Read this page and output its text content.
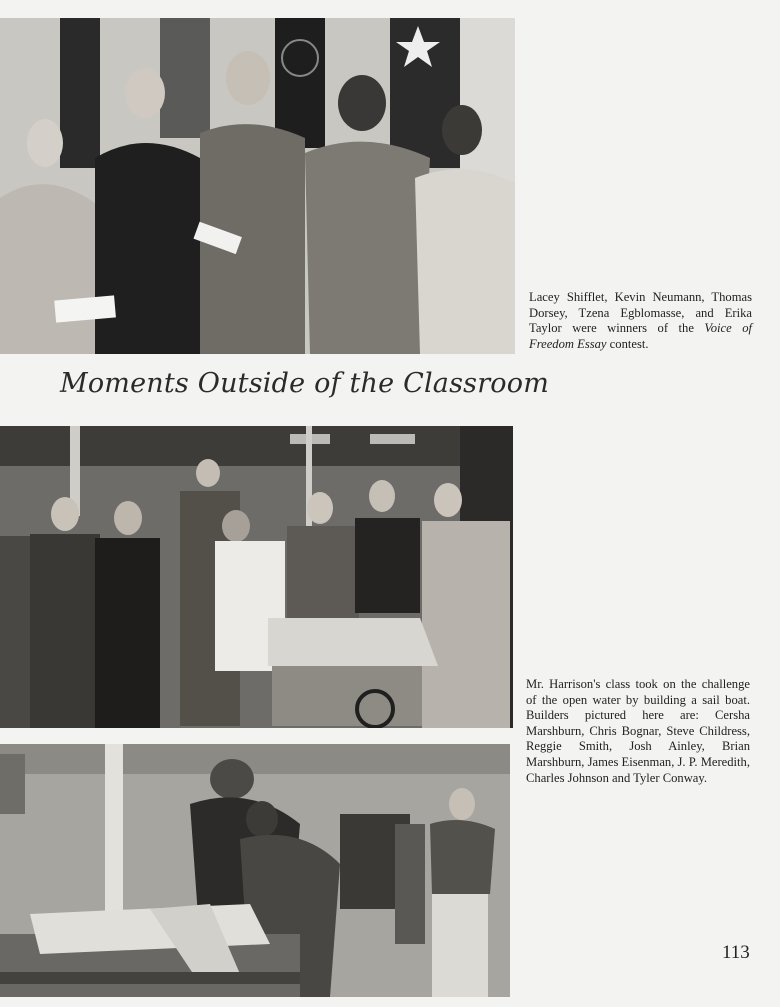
Lacey Shifflet, Kevin Neumann, Thomas Dorsey, Tzena Egblomasse, and Erika Taylor were winners of the Voice of Freedom Essay contest.
Moments Outside of the Classroom
Mr. Harrison's class took on the challenge of the open water by building a sail boat. Builders pictured here are: Cersha Marshburn, Chris Bognar, Steve Childress, Reggie Smith, Josh Ainley, Brian Marshburn, James Eisenman, J. P. Meredith, Charles Johnson and Tyler Conway.
113
